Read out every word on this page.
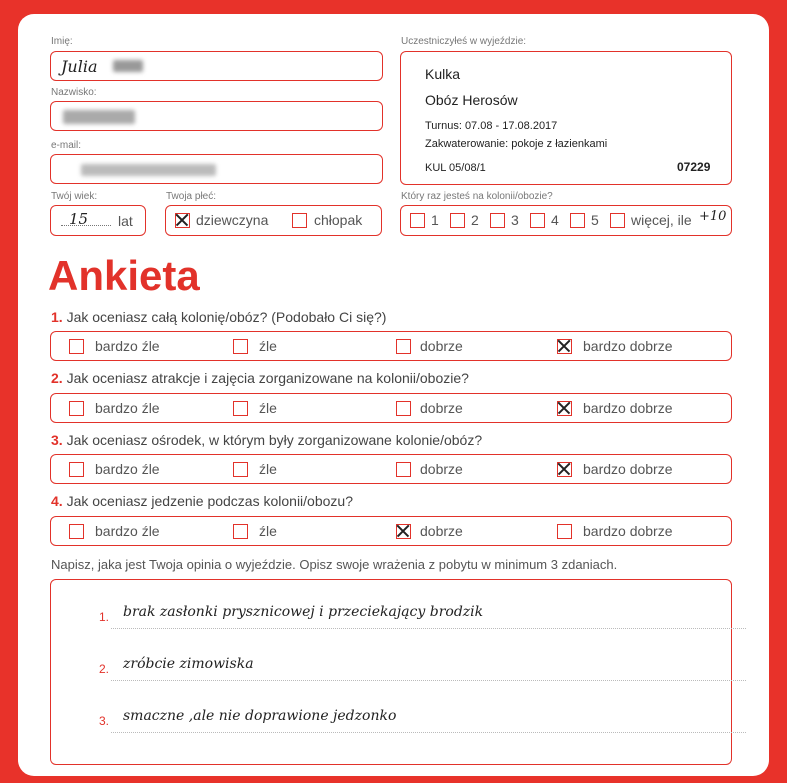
Imię:
Julia
Nazwisko:
e-mail:
Twój wiek:
15 lat
Twoja płeć:
dziewczyna	chłopak
Uczestniczyłeś w wyjeździe:
Kulka
Obóz Herosów
Turnus: 07.08 - 17.08.2017
Zakwaterowanie: pokoje z łazienkami
KUL 05/08/1	07229
Który raz jesteś na kolonii/obozie?
1 2 3 4 5 więcej, ile +10
Ankieta
1. Jak oceniasz całą kolonię/obóz? (Podobało Ci się?)
bardzo źle	źle	dobrze	bardzo dobrze
2. Jak oceniasz atrakcje i zajęcia zorganizowane na kolonii/obozie?
bardzo źle	źle	dobrze	bardzo dobrze
3. Jak oceniasz ośrodek, w którym były zorganizowane kolonie/obóz?
bardzo źle	źle	dobrze	bardzo dobrze
4. Jak oceniasz jedzenie podczas kolonii/obozu?
bardzo źle	źle	dobrze	bardzo dobrze
Napisz, jaka jest Twoja opinia o wyjeździe. Opisz swoje wrażenia z pobytu w minimum 3 zdaniach.
1. brak zasłonki prysznicowej i przeciekający brodzik
2. zróbcie zimowiska
3. smaczne ,ale nie doprawione jedzonko
